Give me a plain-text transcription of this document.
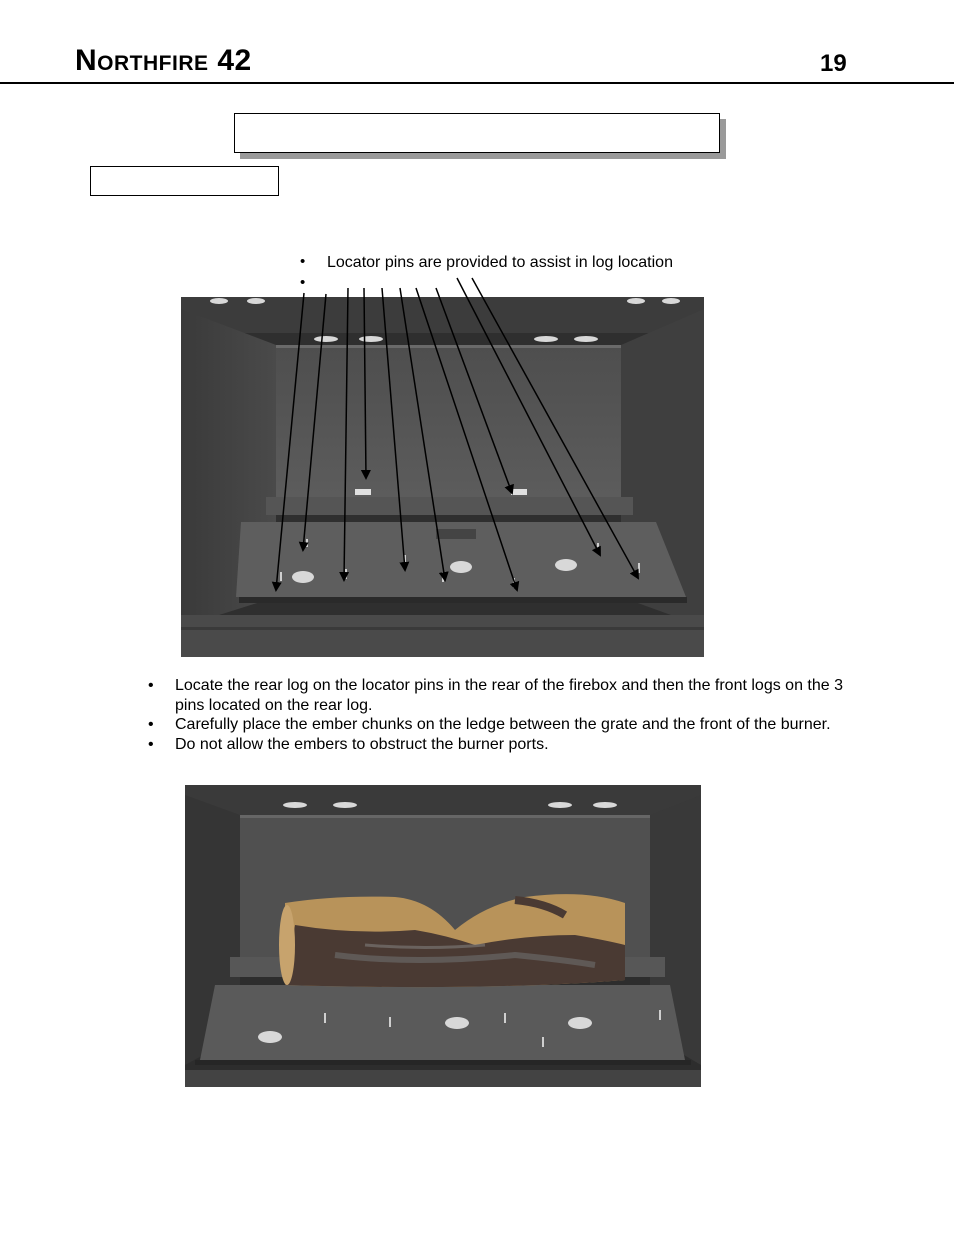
Northfire 42	19
• Locator pins are provided to assist in log location
•
• Locate the rear log on the locator pins in the rear of the firebox and then the front logs on the 3 pins located on the rear log.
• Carefully place the ember chunks on the ledge between the grate and the front of the burner.
• Do not allow the embers to obstruct the burner ports.
